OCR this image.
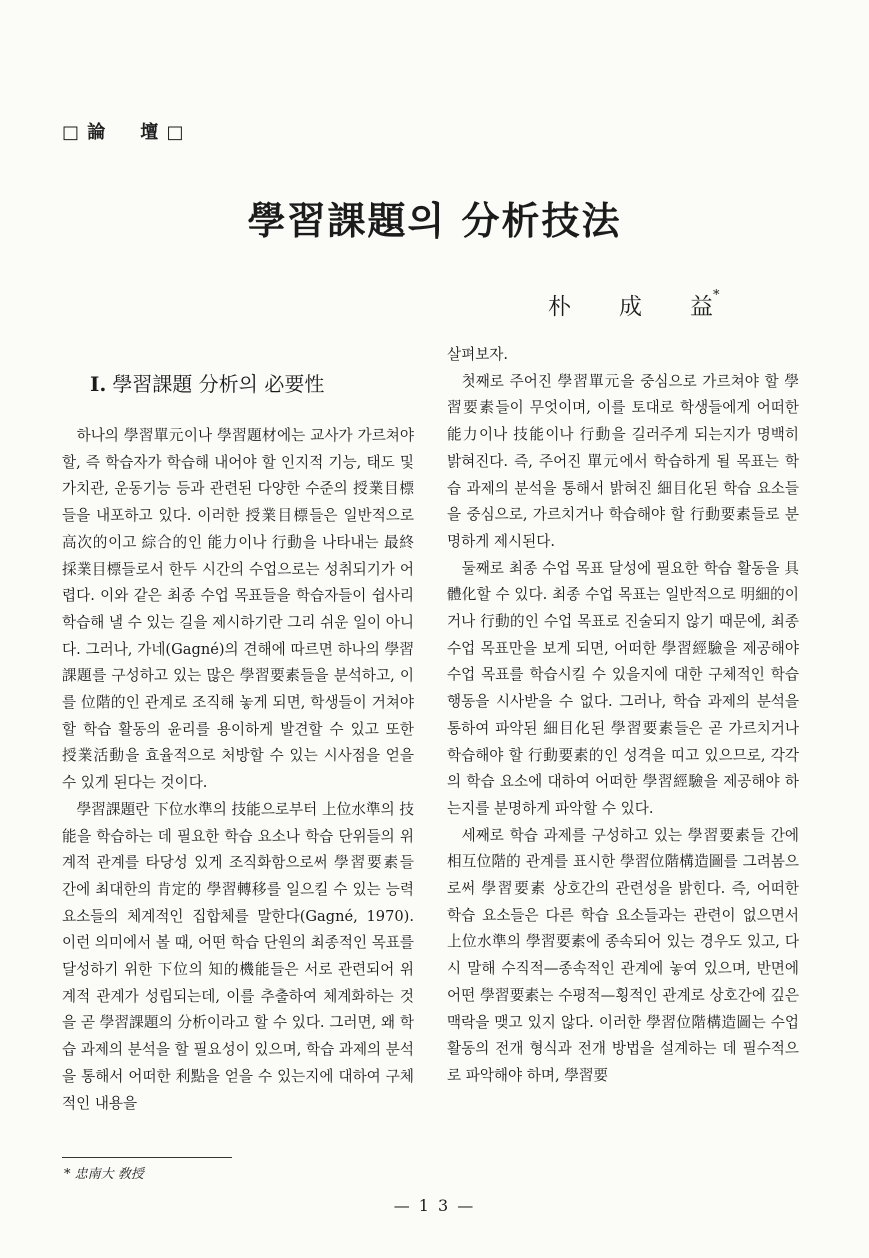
□ 論 壇 □
學習課題의 分析技法
朴 成 益*
I. 學習課題 分析의 必要性

하나의 學習單元이나 學習題材에는 교사가 가르쳐야 할, 즉 학습자가 학습해 내어야 할 인지적 기능, 태도 및 가치관, 운동기능 등과 관련된 다양한 수준의 授業目標들을 내포하고 있다. 이러한 授業目標들은 일반적으로 高次的이고 綜合的인 能力이나 行動을 나타내는 最終採業目標들로서 한두 시간의 수업으로는 성취되기가 어렵다. 이와 같은 최종 수업 목표들을 학습자들이 쉽사리 학습해 낼 수 있는 길을 제시하기란 그리 쉬운 일이 아니다. 그러나, 가네(Gagné)의 견해에 따르면 하나의 學習課題를 구성하고 있는 많은 學習要素들을 분석하고, 이를 位階的인 관계로 조직해 놓게 되면, 학생들이 거쳐야 할 학습 활동의 윤리를 용이하게 발견할 수 있고 또한 授業活動을 효율적으로 처방할 수 있는 시사점을 얻을 수 있게 된다는 것이다.

學習課題란 下位水準의 技能으로부터 上位水準의 技能을 학습하는 데 필요한 학습 요소나 학습 단위들의 위계적 관계를 타당성 있게 조직화함으로써 學習要素들 간에 최대한의 肯定的 學習轉移를 일으킬 수 있는 능력 요소들의 체계적인 집합체를 말한다(Gagné, 1970). 이런 의미에서 볼 때, 어떤 학습 단원의 최종적인 목표를 달성하기 위한 下位의 知的機能들은 서로 관련되어 위계적 관계가 성립되는데, 이를 추출하여 체계화하는 것을 곧 學習課題의 分析이라고 할 수 있다. 그러면, 왜 학습 과제의 분석을 할 필요성이 있으며, 학습 과제의 분석을 통해서 어떠한 利點을 얻을 수 있는지에 대하여 구체적인 내용을

살펴보자.

첫째로 주어진 學習單元을 중심으로 가르쳐야 할 學習要素들이 무엇이며, 이를 토대로 학생들에게 어떠한 能力이나 技能이나 行動을 길러주게 되는지가 명백히 밝혀진다. 즉, 주어진 單元에서 학습하게 될 목표는 학습 과제의 분석을 통해서 밝혀진 細目化된 학습 요소들을 중심으로, 가르치거나 학습해야 할 行動要素들로 분명하게 제시된다.

둘째로 최종 수업 목표 달성에 필요한 학습 활동을 具體化할 수 있다. 최종 수업 목표는 일반적으로 明細的이거나 行動的인 수업 목표로 진술되지 않기 때문에, 최종 수업 목표만을 보게 되면, 어떠한 學習經驗을 제공해야 수업 목표를 학습시킬 수 있을지에 대한 구체적인 학습 행동을 시사받을 수 없다. 그러나, 학습 과제의 분석을 통하여 파악된 細目化된 學習要素들은 곧 가르치거나 학습해야 할 行動要素的인 성격을 띠고 있으므로, 각각의 학습 요소에 대하여 어떠한 學習經驗을 제공해야 하는지를 분명하게 파악할 수 있다.

세째로 학습 과제를 구성하고 있는 學習要素들 간에 相互位階的 관계를 표시한 學習位階構造圖를 그려봄으로써 學習要素 상호간의 관련성을 밝힌다. 즉, 어떠한 학습 요소들은 다른 학습 요소들과는 관련이 없으면서 上位水準의 學習要素에 종속되어 있는 경우도 있고, 다시 말해 수직적—종속적인 관계에 놓여 있으며, 반면에 어떤 學習要素는 수평적—횡적인 관계로 상호간에 깊은 맥락을 맺고 있지 않다. 이러한 學習位階構造圖는 수업 활동의 전개 형식과 전개 방법을 설계하는 데 필수적으로 파악해야 하며, 學習要

* 忠南大 敎授
— 1 3 —
